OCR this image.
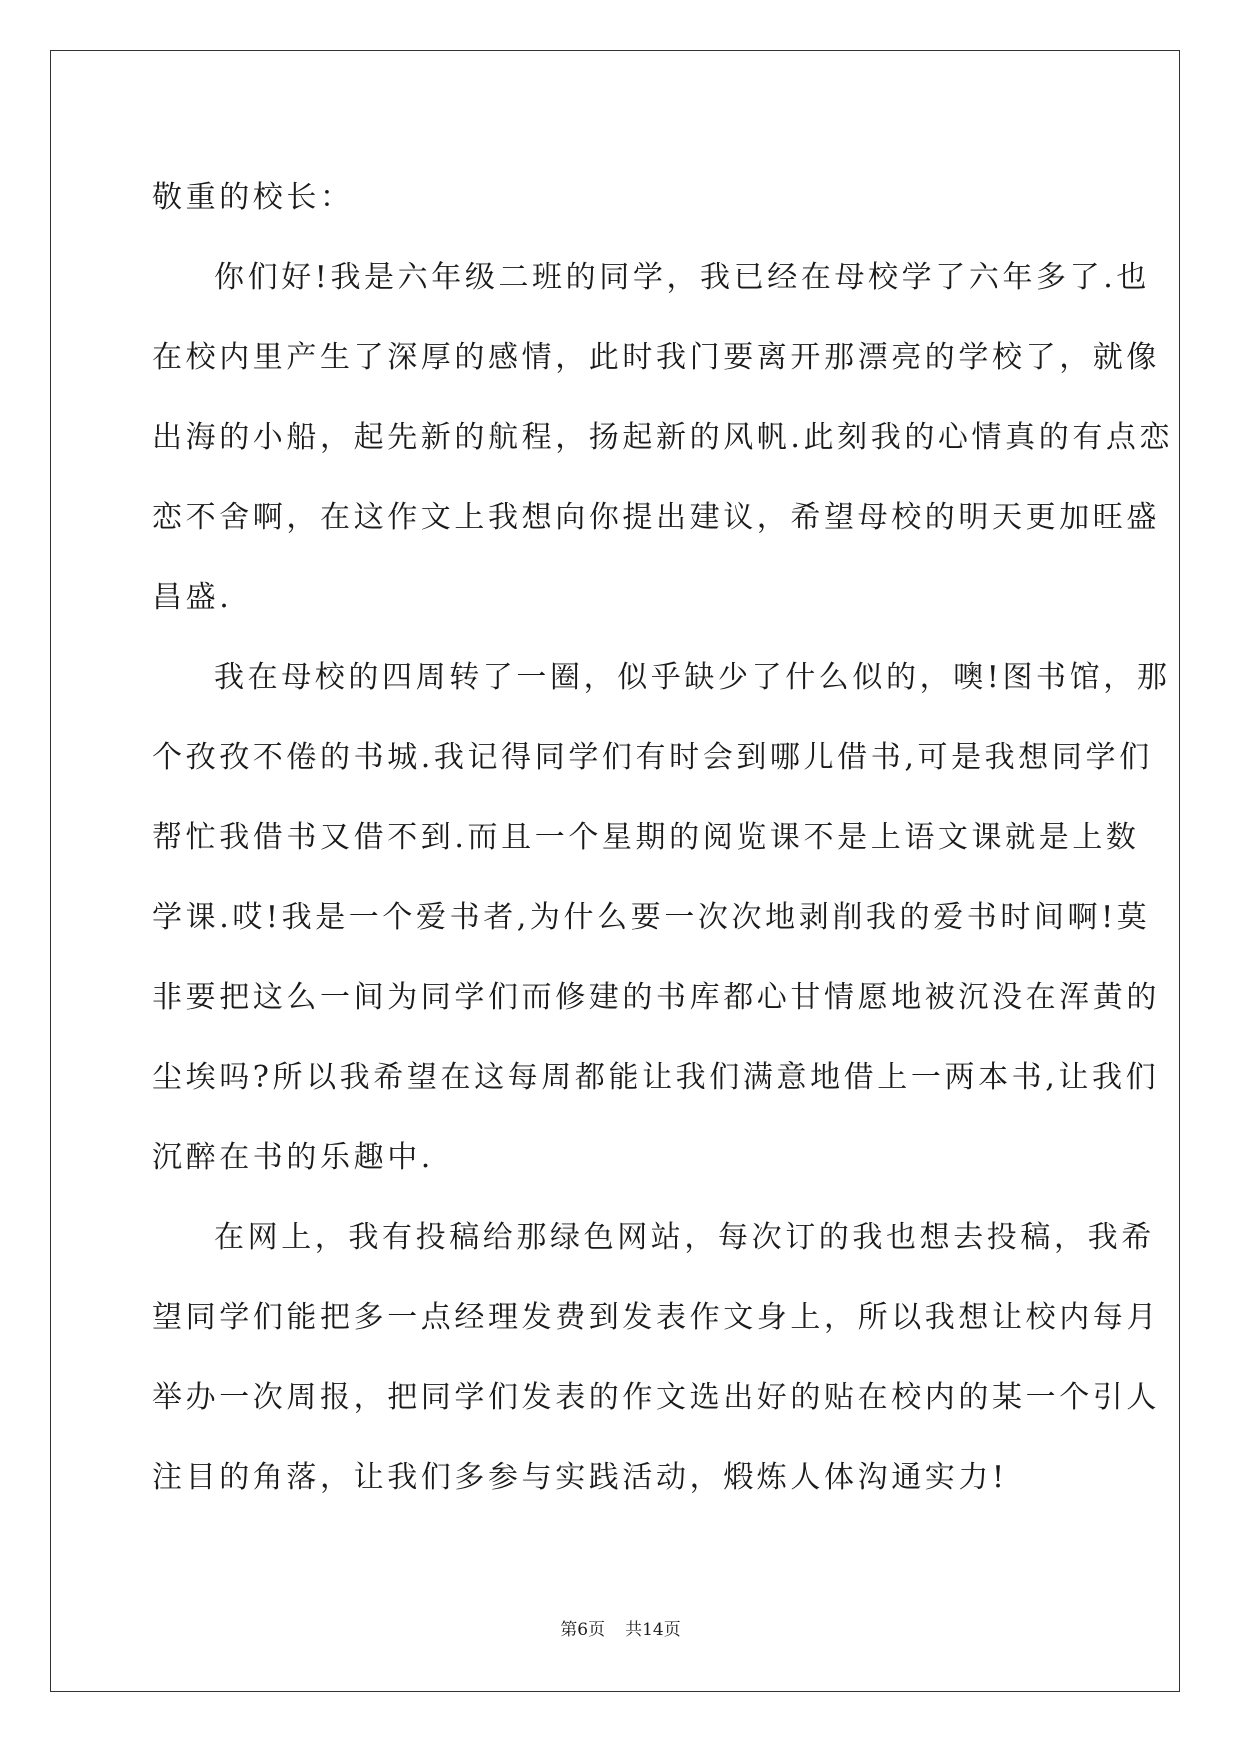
敬重的校长：
你们好!我是六年级二班的同学，我已经在母校学了六年多了.也
在校内里产生了深厚的感情，此时我门要离开那漂亮的学校了，就像
出海的小船，起先新的航程，扬起新的风帆.此刻我的心情真的有点恋
恋不舍啊，在这作文上我想向你提出建议，希望母校的明天更加旺盛
昌盛.
我在母校的四周转了一圈，似乎缺少了什么似的，噢!图书馆，那
个孜孜不倦的书城.我记得同学们有时会到哪儿借书,可是我想同学们
帮忙我借书又借不到.而且一个星期的阅览课不是上语文课就是上数
学课.哎!我是一个爱书者,为什么要一次次地剥削我的爱书时间啊!莫
非要把这么一间为同学们而修建的书库都心甘情愿地被沉没在浑黄的
尘埃吗?所以我希望在这每周都能让我们满意地借上一两本书,让我们
沉醉在书的乐趣中.
在网上，我有投稿给那绿色网站，每次订的我也想去投稿，我希
望同学们能把多一点经理发费到发表作文身上，所以我想让校内每月
举办一次周报，把同学们发表的作文选出好的贴在校内的某一个引人
注目的角落，让我们多参与实践活动，煅炼人体沟通实力!
第6页 共14页
